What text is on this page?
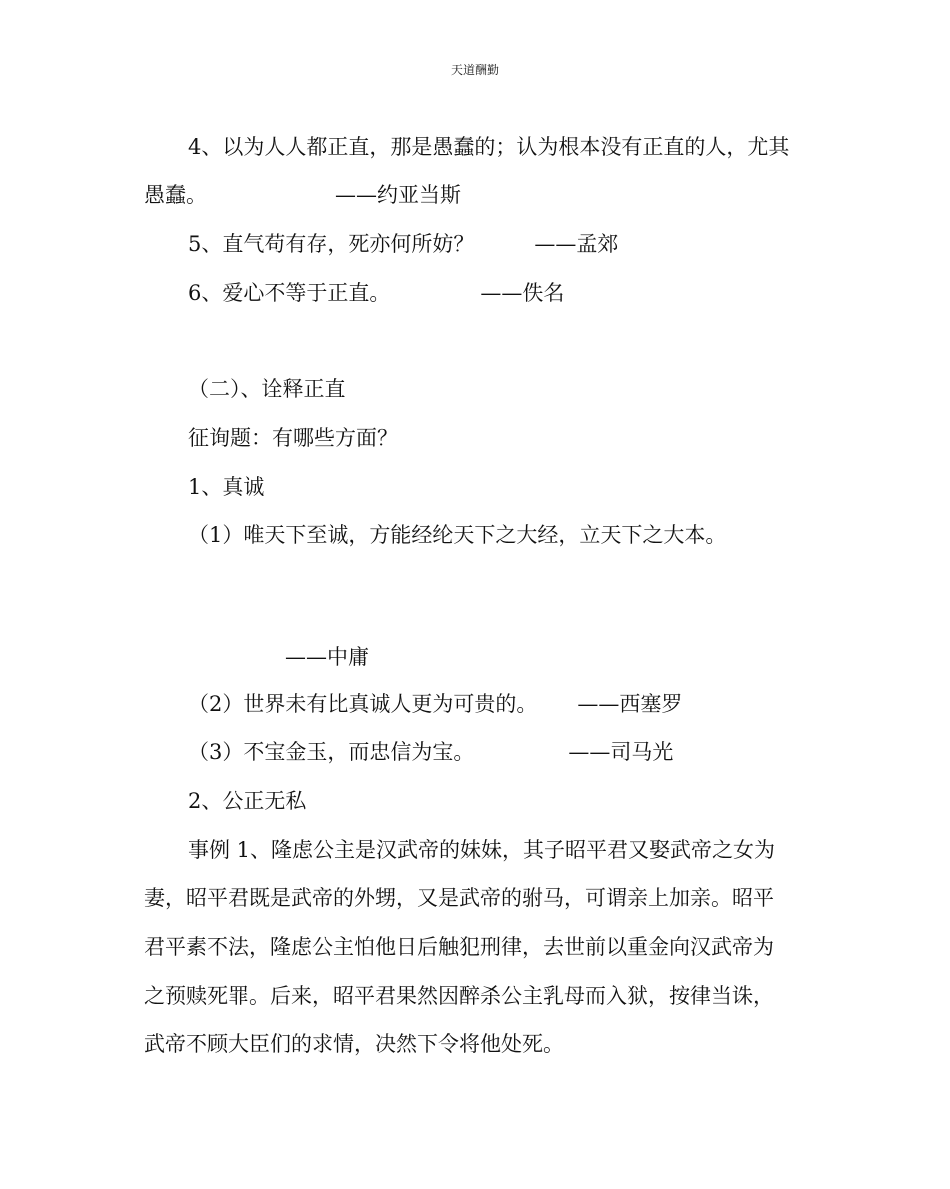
天道酬勤
4、以为人人都正直，那是愚蠢的；认为根本没有正直的人，尤其
愚蠢。	——约亚当斯
5、直气苟有存，死亦何所妨？	——孟郊
6、爱心不等于正直。	——佚名
（二）、诠释正直
征询题：有哪些方面？
1、真诚
（1）唯天下至诚，方能经纶天下之大经，立天下之大本。
——中庸
（2）世界未有比真诚人更为可贵的。 ——西塞罗
（3）不宝金玉，而忠信为宝。	——司马光
2、公正无私
事例 1、隆虑公主是汉武帝的妹妹，其子昭平君又娶武帝之女为
妻，昭平君既是武帝的外甥，又是武帝的驸马，可谓亲上加亲。昭平
君平素不法，隆虑公主怕他日后触犯刑律，去世前以重金向汉武帝为
之预赎死罪。后来，昭平君果然因醉杀公主乳母而入狱，按律当诛，
武帝不顾大臣们的求情，决然下令将他处死。
